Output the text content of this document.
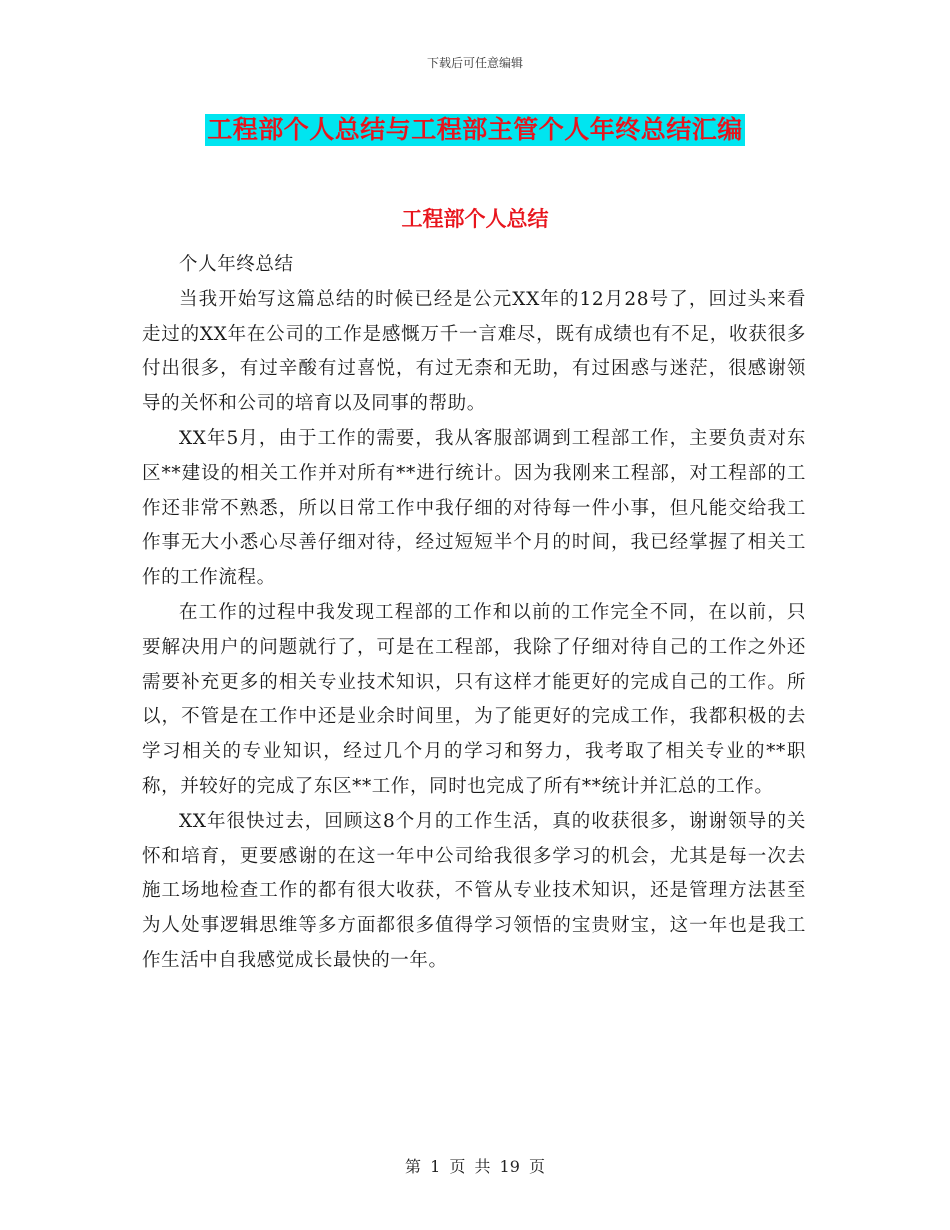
下载后可任意编辑
工程部个人总结与工程部主管个人年终总结汇编
工程部个人总结

个人年终总结

当我开始写这篇总结的时候已经是公元XX年的12月28号了，回过头来看走过的XX年在公司的工作是感慨万千一言难尽，既有成绩也有不足，收获很多付出很多，有过辛酸有过喜悦，有过无柰和无助，有过困惑与迷茫，很感谢领导的关怀和公司的培育以及同事的帮助。

XX年5月，由于工作的需要，我从客服部调到工程部工作，主要负责对东区**建设的相关工作并对所有**进行统计。因为我刚来工程部，对工程部的工作还非常不熟悉，所以日常工作中我仔细的对待每一件小事，但凡能交给我工作事无大小悉心尽善仔细对待，经过短短半个月的时间，我已经掌握了相关工作的工作流程。

在工作的过程中我发现工程部的工作和以前的工作完全不同，在以前，只要解决用户的问题就行了，可是在工程部，我除了仔细对待自己的工作之外还需要补充更多的相关专业技术知识，只有这样才能更好的完成自己的工作。所以，不管是在工作中还是业余时间里，为了能更好的完成工作，我都积极的去学习相关的专业知识，经过几个月的学习和努力，我考取了相关专业的**职称，并较好的完成了东区**工作，同时也完成了所有**统计并汇总的工作。

XX年很快过去，回顾这8个月的工作生活，真的收获很多，谢谢领导的关怀和培育，更要感谢的在这一年中公司给我很多学习的机会，尤其是每一次去施工场地检查工作的都有很大收获，不管从专业技术知识，还是管理方法甚至为人处事逻辑思维等多方面都很多值得学习领悟的宝贵财宝，这一年也是我工作生活中自我感觉成长最快的一年。

第 1 页 共 19 页
